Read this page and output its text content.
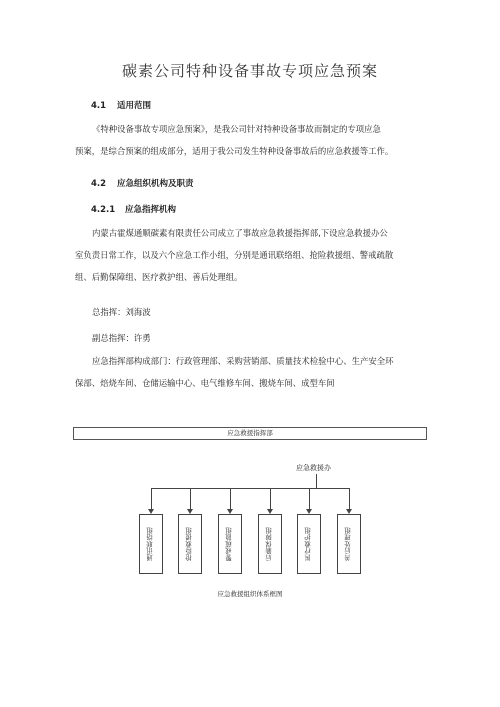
碳素公司特种设备事故专项应急预案
4.1 适用范围
《特种设备事故专项应急预案》，是我公司针对特种设备事故而制定的专项应急
预案，是综合预案的组成部分，适用于我公司发生特种设备事故后的应急救援等工作。
4.2 应急组织机构及职责
4.2.1 应急指挥机构
内蒙古霍煤通顺碳素有限责任公司成立了事故应急救援指挥部,下设应急救援办公
室负责日常工作，以及六个应急工作小组，分别是通讯联络组、抢险救援组、警戒疏散
组、后勤保障组、医疗救护组、善后处理组。
总指挥：刘海波
副总指挥：许勇
应急指挥部构成部门：行政管理部、采购营销部、质量技术检验中心、生产安全环
保部、焙烧车间、仓储运输中心、电气维修车间、搬烧车间、成型车间
应急救援指挥部
应急救援办
通讯联络组	抢险救援组	警戒疏散组	后勤保障组	医疗救护组	善后处理组
应急救援组织体系框图
